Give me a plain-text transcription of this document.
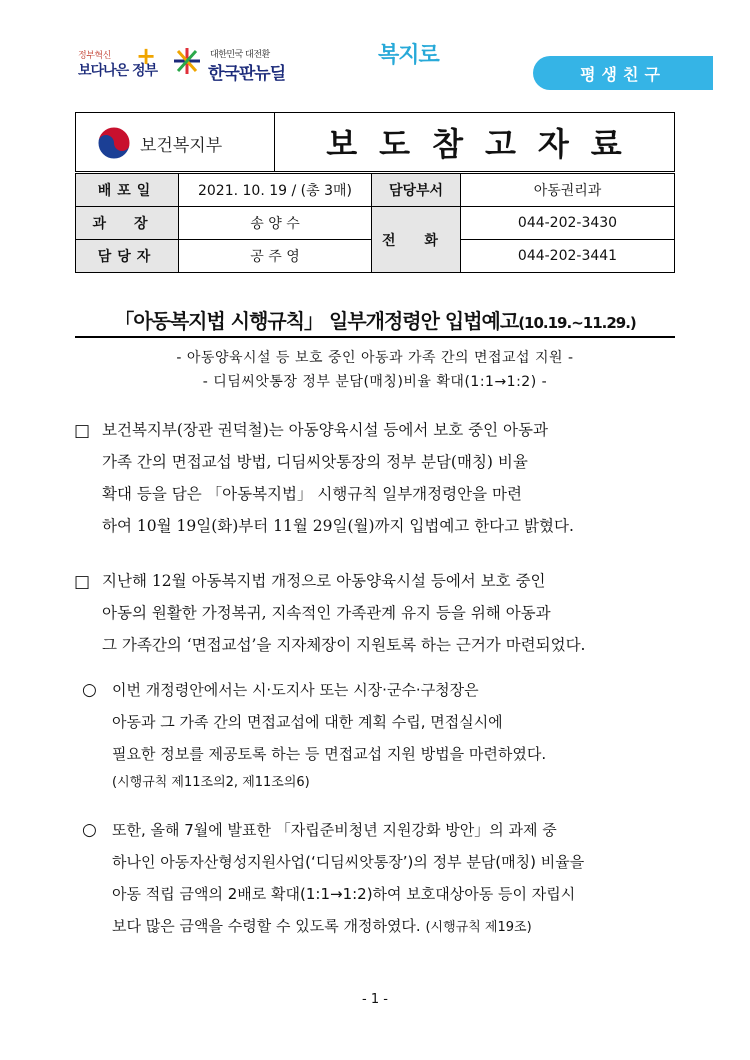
정부혁신
보다나은 정부
+	대한민국 대전환
한국판뉴딜
복지로
평생친구
보건복지부	보도참고자료
배포일	2021. 10. 19 / (총 3매)	담당부서	아동권리과
과장	송 양 수	전 화	044-202-3430
담당자	공 주 영		044-202-3441
「아동복지법 시행규칙」 일부개정령안 입법예고(10.19.~11.29.)
- 아동양육시설 등 보호 중인 아동과 가족 간의 면접교섭 지원 -
- 디딤씨앗통장 정부 분담(매칭)비율 확대(1:1→1:2) -
□ 보건복지부(장관 권덕철)는 아동양육시설 등에서 보호 중인 아동과
가족 간의 면접교섭 방법, 디딤씨앗통장의 정부 분담(매칭) 비율
확대 등을 담은 「아동복지법」 시행규칙 일부개정령안을 마련
하여 10월 19일(화)부터 11월 29일(월)까지 입법예고 한다고 밝혔다.
□ 지난해 12월 아동복지법 개정으로 아동양육시설 등에서 보호 중인
아동의 원활한 가정복귀, 지속적인 가족관계 유지 등을 위해 아동과
그 가족간의 ‘면접교섭’을 지자체장이 지원토록 하는 근거가 마련되었다.
○ 이번 개정령안에서는 시·도지사 또는 시장·군수·구청장은
아동과 그 가족 간의 면접교섭에 대한 계획 수립, 면접실시에
필요한 정보를 제공토록 하는 등 면접교섭 지원 방법을 마련하였다.
(시행규칙 제11조의2, 제11조의6)
○ 또한, 올해 7월에 발표한 「자립준비청년 지원강화 방안」의 과제 중
하나인 아동자산형성지원사업(‘디딤씨앗통장’)의 정부 분담(매칭) 비율을
아동 적립 금액의 2배로 확대(1:1→1:2)하여 보호대상아동 등이 자립시
보다 많은 금액을 수령할 수 있도록 개정하였다. (시행규칙 제19조)
- 1 -
